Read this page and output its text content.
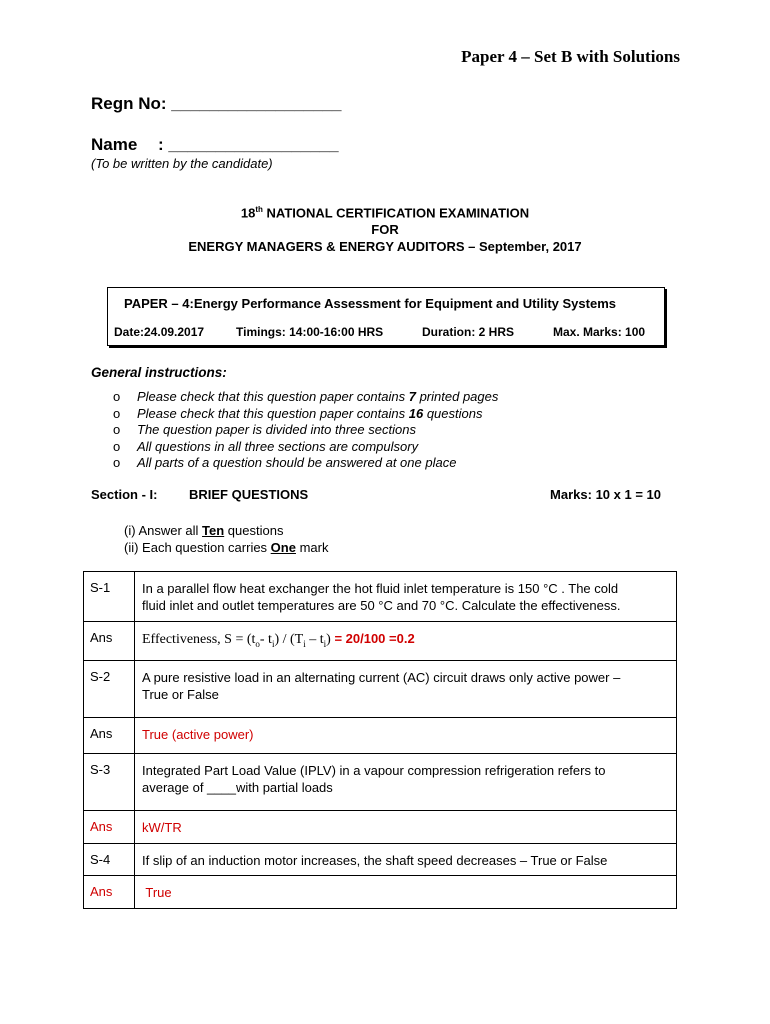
Paper 4 – Set B with Solutions
Regn No: __________________
Name : __________________
(To be written by the candidate)
18th NATIONAL CERTIFICATION EXAMINATION
FOR
ENERGY MANAGERS & ENERGY AUDITORS – September, 2017
PAPER – 4:Energy Performance Assessment for Equipment and Utility Systems
Date:24.09.2017	Timings: 14:00-16:00 HRS	Duration: 2 HRS	Max. Marks: 100
General instructions:
o Please check that this question paper contains 7 printed pages
o Please check that this question paper contains 16 questions
o The question paper is divided into three sections
o All questions in all three sections are compulsory
o All parts of a question should be answered at one place
Section - I: BRIEF QUESTIONS	Marks: 10 x 1 = 10
(i) Answer all Ten questions
(ii) Each question carries One mark
S-1	In a parallel flow heat exchanger the hot fluid inlet temperature is 150 °C . The cold
fluid inlet and outlet temperatures are 50 °C and 70 °C. Calculate the effectiveness.

Ans	Effectiveness, $S = (t_o-$ $t_i) / (T_i - t_i) = 20/100 =0.2$
S-2	A pure resistive load in an alternating current (AC) circuit draws only active power –
True or False

Ans	True (active power)
S-3	Integrated Part Load Value (IPLV) in a vapour compression refrigeration refers to
average of ____with partial loads

Ans	kW/TR
S-4	If slip of an induction motor increases, the shaft speed decreases – True or False
Ans	True
